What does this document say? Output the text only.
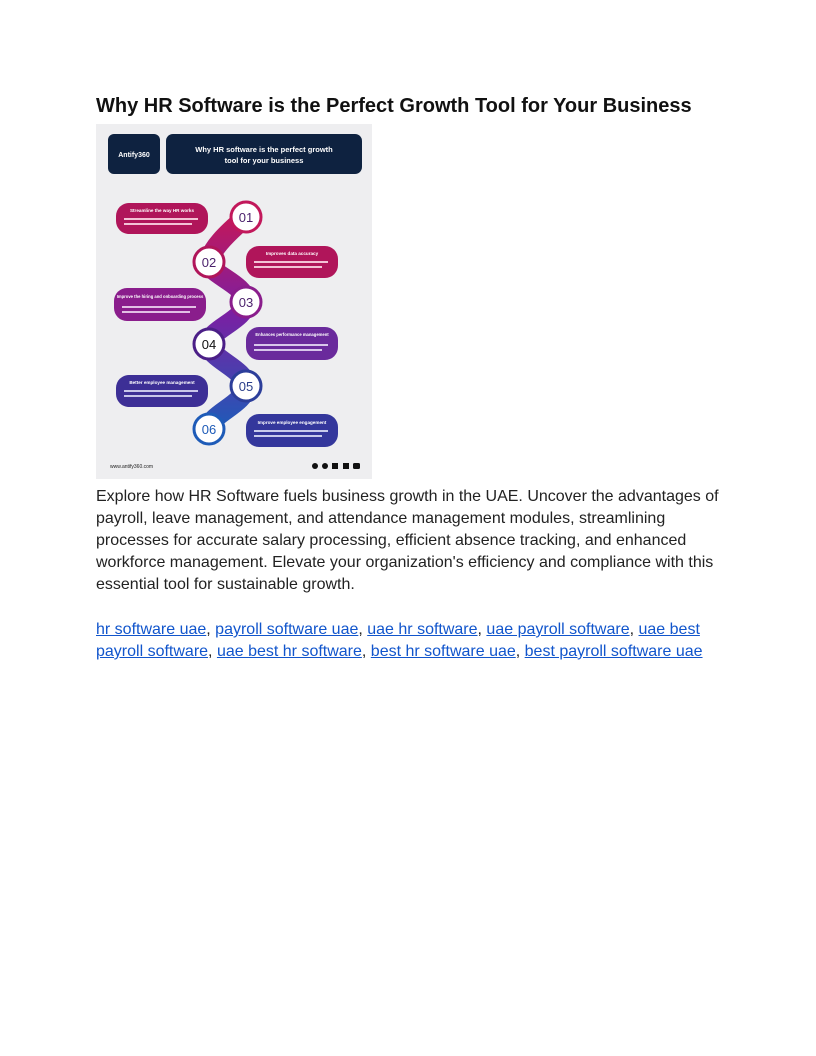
Why HR Software is the Perfect Growth Tool for Your Business
Antify360
Why HR software is the perfect growth
tool for your business
01
02
03
04
05
06
Streamline the way HR works
Improves data accuracy
Improve the hiring and onboarding process
Enhances performance management
Better employee management
Improve employee engagement
www.antify360.com

Explore how HR Software fuels business growth in the UAE. Uncover the advantages of payroll, leave management, and attendance management modules, streamlining processes for accurate salary processing, efficient absence tracking, and enhanced workforce management. Elevate your organization's efficiency and compliance with this essential tool for sustainable growth.

hr software uae, payroll software uae, uae hr software, uae payroll software, uae best payroll software, uae best hr software, best hr software uae, best payroll software uae
